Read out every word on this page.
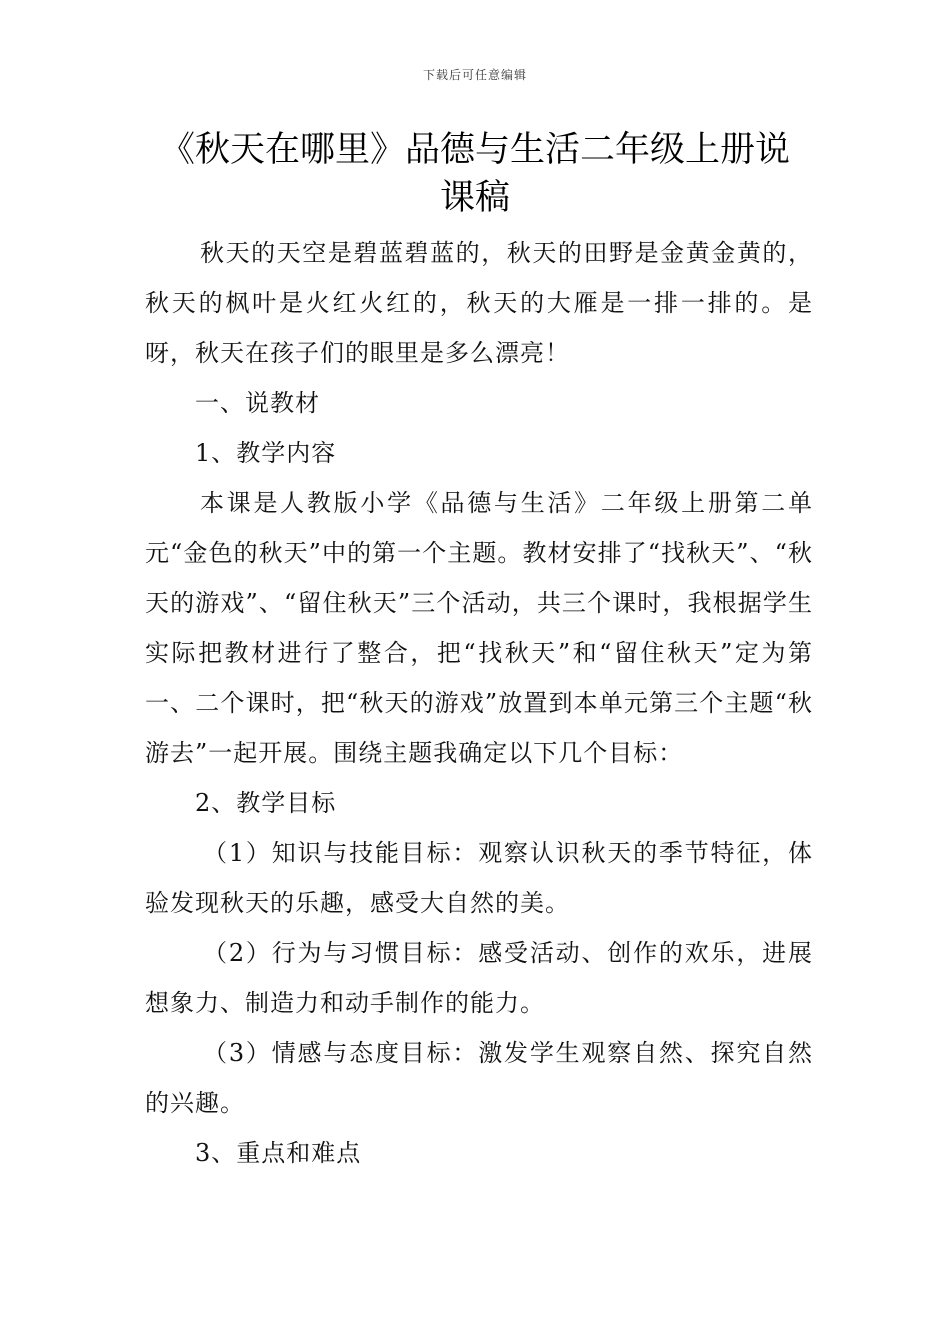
下载后可任意编辑
《秋天在哪里》品德与生活二年级上册说
课稿

秋天的天空是碧蓝碧蓝的，秋天的田野是金黄金黄的，秋天的枫叶是火红火红的，秋天的大雁是一排一排的。是呀，秋天在孩子们的眼里是多么漂亮！

一、说教材

1、教学内容

本课是人教版小学《品德与生活》二年级上册第二单元“金色的秋天”中的第一个主题。教材安排了“找秋天”、“秋天的游戏”、“留住秋天”三个活动，共三个课时，我根据学生实际把教材进行了整合，把“找秋天”和“留住秋天”定为第一、二个课时，把“秋天的游戏”放置到本单元第三个主题“秋游去”一起开展。围绕主题我确定以下几个目标：

2、教学目标

（1）知识与技能目标：观察认识秋天的季节特征，体验发现秋天的乐趣，感受大自然的美。

（2）行为与习惯目标：感受活动、创作的欢乐，进展想象力、制造力和动手制作的能力。

（3）情感与态度目标：激发学生观察自然、探究自然的兴趣。

3、重点和难点
